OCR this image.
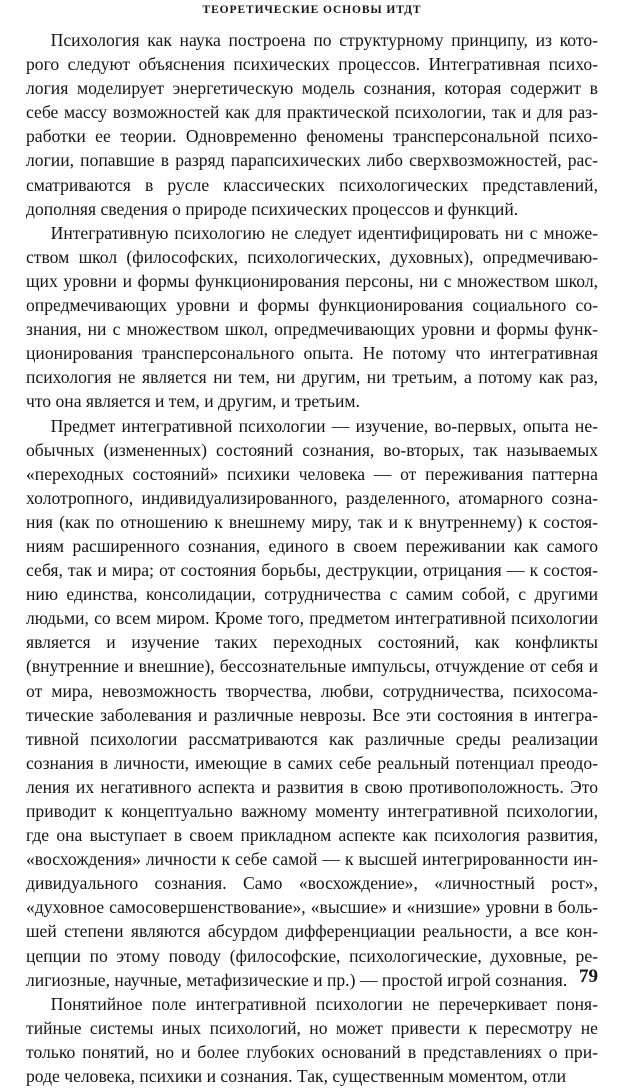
ТЕОРЕТИЧЕСКИЕ ОСНОВЫ ИТДТ

Психология как наука построена по структурному принципу, из которого следуют объяснения психических процессов. Интегративная психология моделирует энергетическую модель сознания, которая содержит в себе массу возможностей как для практической психологии, так и для разработки ее теории. Одновременно феномены трансперсональной психологии, попавшие в разряд парапсихических либо сверхвозможностей, рассматриваются в русле классических психологических представлений, дополняя сведения о природе психических процессов и функций.

Интегративную психологию не следует идентифицировать ни с множеством школ (философских, психологических, духовных), опредмечивающих уровни и формы функционирования персоны, ни с множеством школ, опредмечивающих уровни и формы функционирования социального сознания, ни с множеством школ, опредмечивающих уровни и формы функционирования трансперсонального опыта. Не потому что интегративная психология не является ни тем, ни другим, ни третьим, а потому как раз, что она является и тем, и другим, и третьим.

Предмет интегративной психологии — изучение, во-первых, опыта необычных (измененных) состояний сознания, во-вторых, так называемых «переходных состояний» психики человека — от переживания паттерна холотропного, индивидуализированного, разделенного, атомарного сознания (как по отношению к внешнему миру, так и к внутреннему) к состояниям расширенного сознания, единого в своем переживании как самого себя, так и мира; от состояния борьбы, деструкции, отрицания — к состоянию единства, консолидации, сотрудничества с самим собой, с другими людьми, со всем миром. Кроме того, предметом интегративной психологии является и изучение таких переходных состояний, как конфликты (внутренние и внешние), бессознательные импульсы, отчуждение от себя и от мира, невозможность творчества, любви, сотрудничества, психосоматические заболевания и различные неврозы. Все эти состояния в интегративной психологии рассматриваются как различные среды реализации сознания в личности, имеющие в самих себе реальный потенциал преодоления их негативного аспекта и развития в свою противоположность. Это приводит к концептуально важному моменту интегративной психологии, где она выступает в своем прикладном аспекте как психология развития, «восхождения» личности к себе самой — к высшей интегрированности индивидуального сознания. Само «восхождение», «личностный рост», «духовное самосовершенствование», «высшие» и «низшие» уровни в большей степени являются абсурдом дифференциации реальности, а все концепции по этому поводу (философские, психологические, духовные, религиозные, научные, метафизические и пр.) — простой игрой сознания.

Понятийное поле интегративной психологии не перечеркивает понятийные системы иных психологий, но может привести к пересмотру не только понятий, но и более глубоких оснований в представлениях о природе человека, психики и сознания. Так, существенным моментом, отли

79
